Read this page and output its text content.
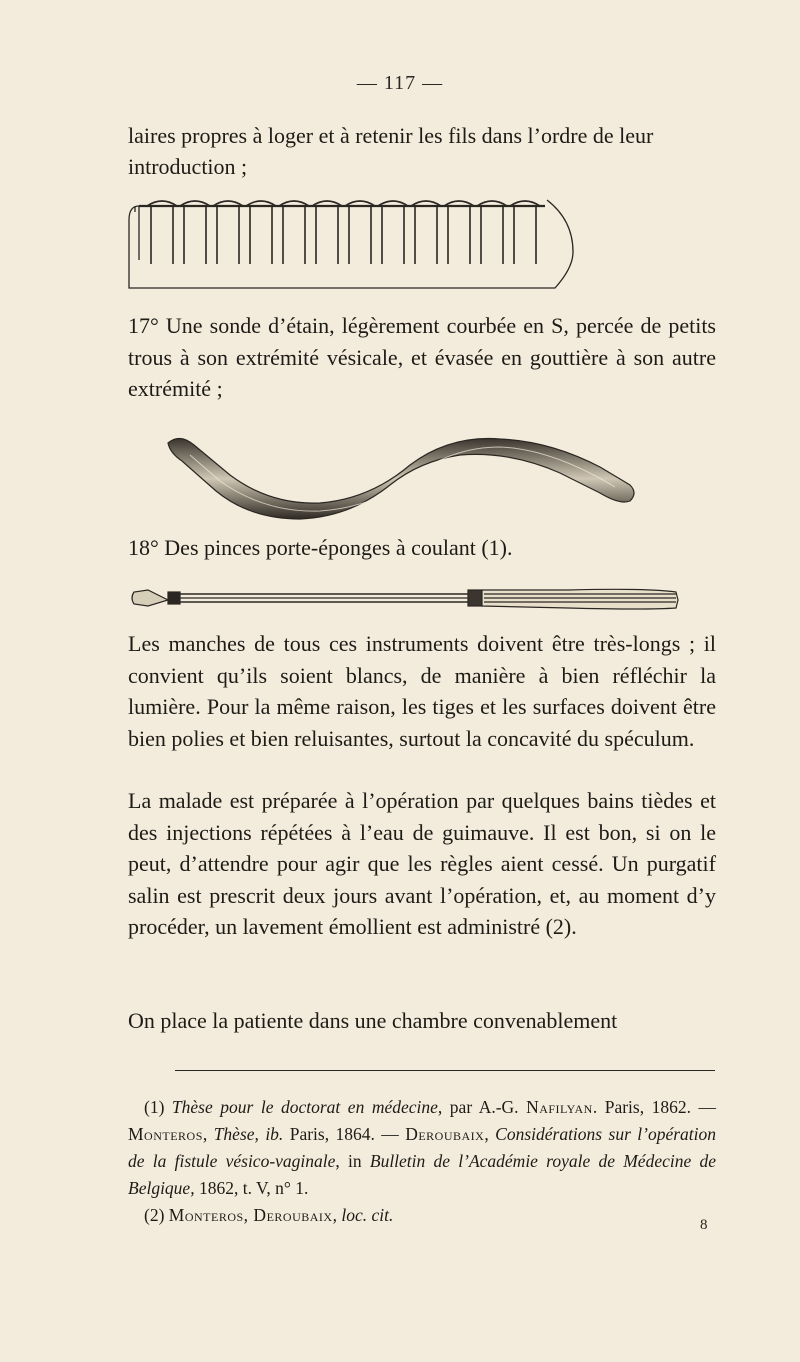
— 117 —

laires propres à loger et à retenir les fils dans l’ordre de leur

introduction ;

17° Une sonde d’étain, légèrement courbée en S, percée de petits trous à son extrémité vésicale, et évasée en gouttière à son autre extrémité ;

18° Des pinces porte-éponges à coulant (1).

Les manches de tous ces instruments doivent être très-longs ; il convient qu’ils soient blancs, de manière à bien réfléchir la lumière. Pour la même raison, les tiges et les surfaces doivent être bien polies et bien reluisantes, surtout la concavité du spéculum.

La malade est préparée à l’opération par quelques bains tièdes et des injections répétées à l’eau de guimauve. Il est bon, si on le peut, d’attendre pour agir que les règles aient cessé. Un purgatif salin est prescrit deux jours avant l’opération, et, au moment d’y procéder, un lavement émollient est administré (2).

On place la patiente dans une chambre convenablement

(1) Thèse pour le doctorat en médecine, par A.-G. Nafilyan. Paris, 1862. — Monteros, Thèse, ib. Paris, 1864. — Deroubaix, Considérations sur l’opération de la fistule vésico-vaginale, in Bulletin de l’Académie royale de Médecine de Belgique, 1862, t. V, n° 1.

(2) Monteros, Deroubaix, loc. cit.	8
